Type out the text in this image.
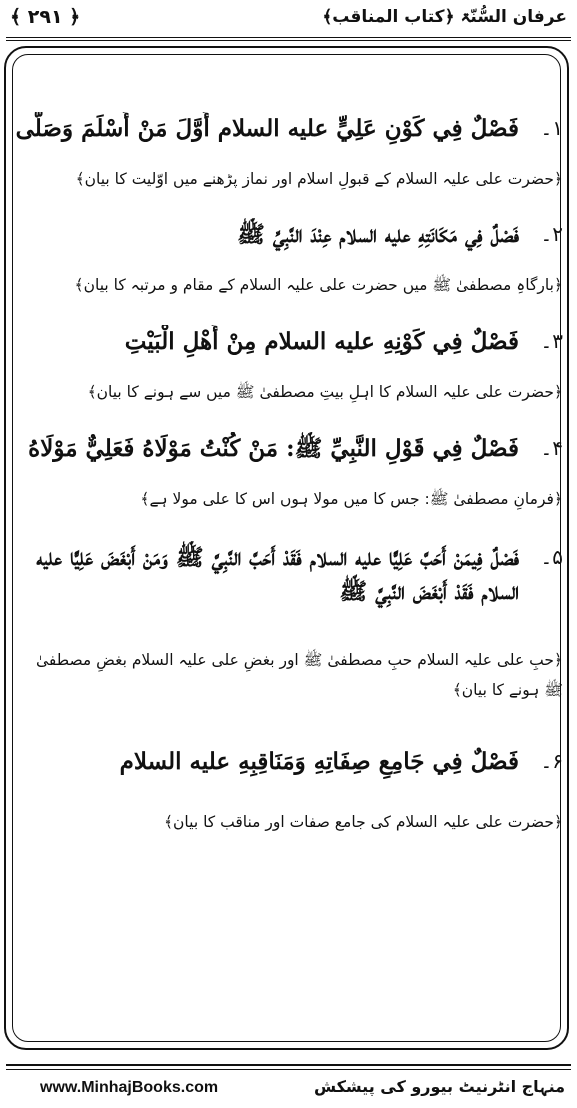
﴿ ۲۹۱ ﴾	عرفان السُّنّۃ ﴿کتاب المناقب﴾
۱۔
فَصْلٌ فِي كَوْنِ عَلِيٍّ عليه السلام أَوَّلَ مَنْ أَسْلَمَ وَصَلَّى
﴿حضرت علی علیہ السلام کے قبولِ اسلام اور نماز پڑھنے میں اوّلیت کا بیان﴾
۲۔
فَصْلٌ فِي مَكَانَتِهِ عليه السلام عِنْدَ النَّبِيِّ ﷺ
﴿بارگاہِ مصطفیٰ ﷺ میں حضرت علی علیہ السلام کے مقام و مرتبہ کا بیان﴾
۳۔
فَصْلٌ فِي كَوْنِهِ عليه السلام مِنْ أَهْلِ الْبَيْتِ
﴿حضرت علی علیہ السلام کا اہلِ بیتِ مصطفیٰ ﷺ میں سے ہونے کا بیان﴾
۴۔
فَصْلٌ فِي قَوْلِ النَّبِيِّ ﷺ: مَنْ كُنْتُ مَوْلَاهُ فَعَلِيٌّ مَوْلَاهُ
﴿فرمانِ مصطفیٰ ﷺ: جس کا میں مولا ہوں اس کا علی مولا ہے﴾
۵۔
فَصْلٌ فِيمَنْ أَحَبَّ عَلِيًّا عليه السلام فَقَدْ أَحَبَّ النَّبِيَّ ﷺ وَمَنْ أَبْغَضَ عَلِيًّا عليه السلام فَقَدْ أَبْغَضَ النَّبِيَّ ﷺ
﴿حبِ علی علیہ السلام حبِ مصطفیٰ ﷺ اور بغضِ علی علیہ السلام بغضِ مصطفیٰ ﷺ ہونے کا بیان﴾
۶۔
فَصْلٌ فِي جَامِعِ صِفَاتِهِ وَمَنَاقِبِهِ عليه السلام
﴿حضرت علی علیہ السلام کی جامع صفات اور مناقب کا بیان﴾
www.MinhajBooks.com	منہاج انٹرنیٹ بیورو کی پیشکش
